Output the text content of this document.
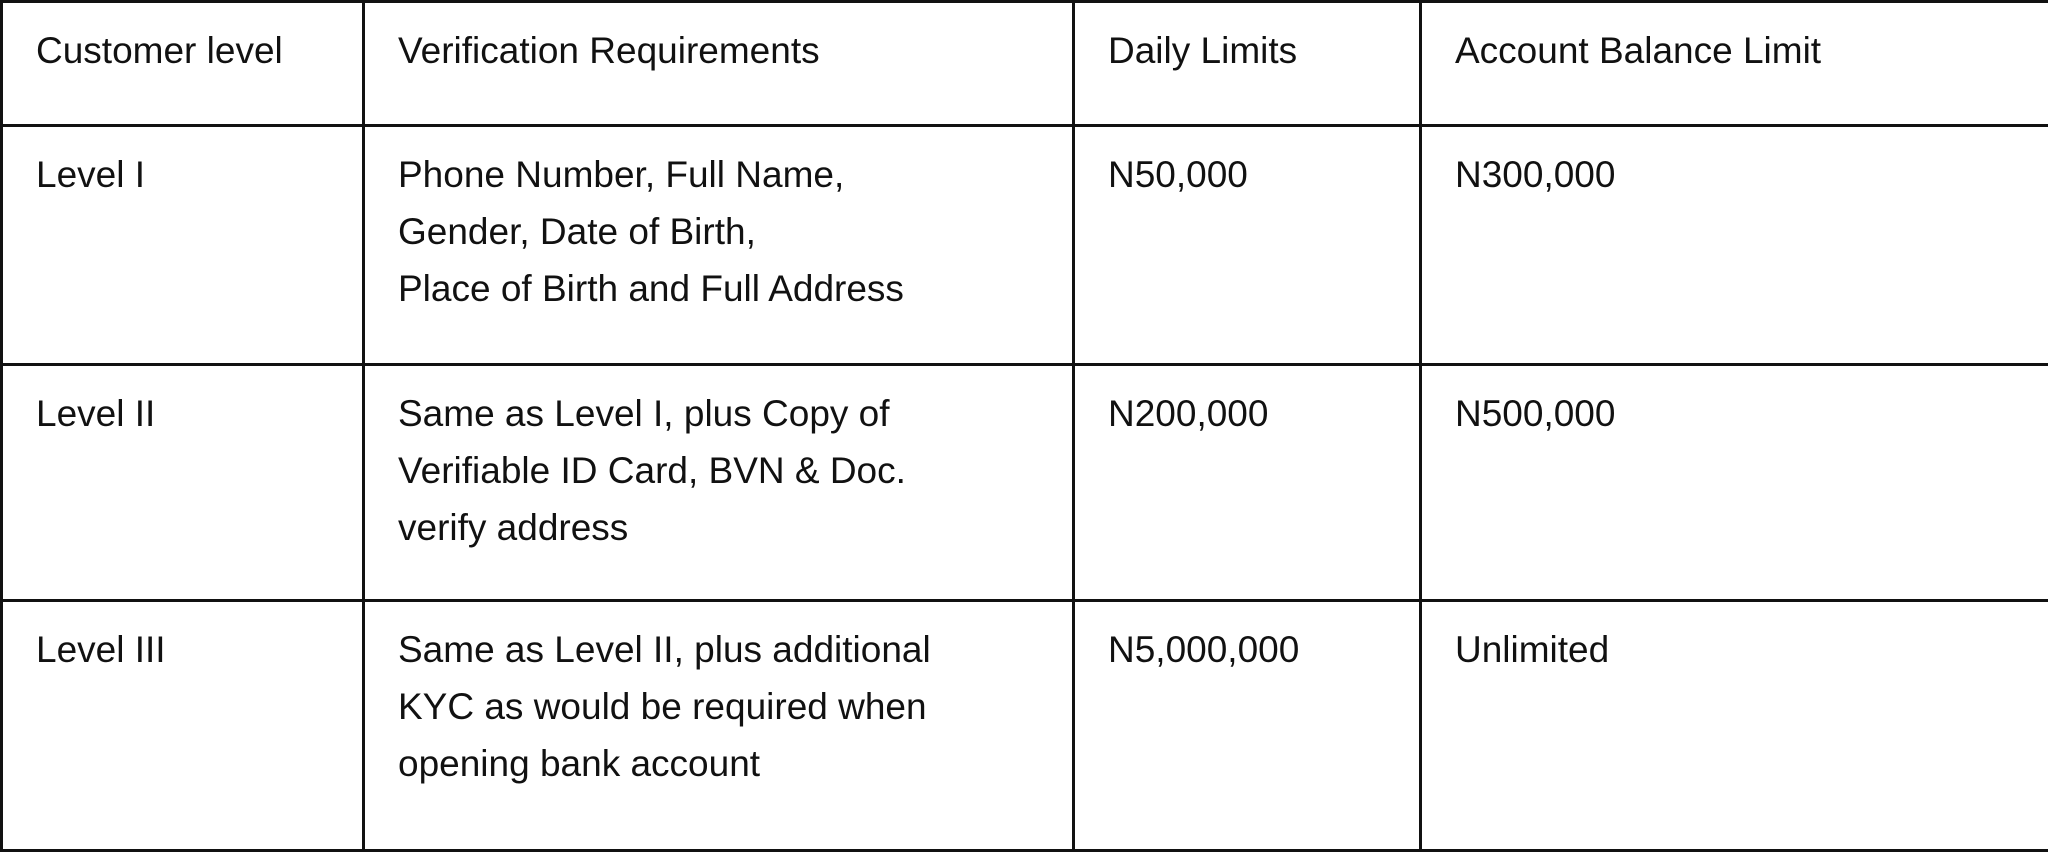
Customer level	Verification Requirements	Daily Limits	Account Balance Limit
Level I	Phone Number, Full Name,
Gender, Date of Birth,
Place of Birth and Full Address	N50,000	N300,000
Level II	Same as Level I, plus Copy of
Verifiable ID Card, BVN & Doc.
verify address	N200,000	N500,000
Level III	Same as Level II, plus additional
KYC as would be required when
opening bank account	N5,000,000	Unlimited
